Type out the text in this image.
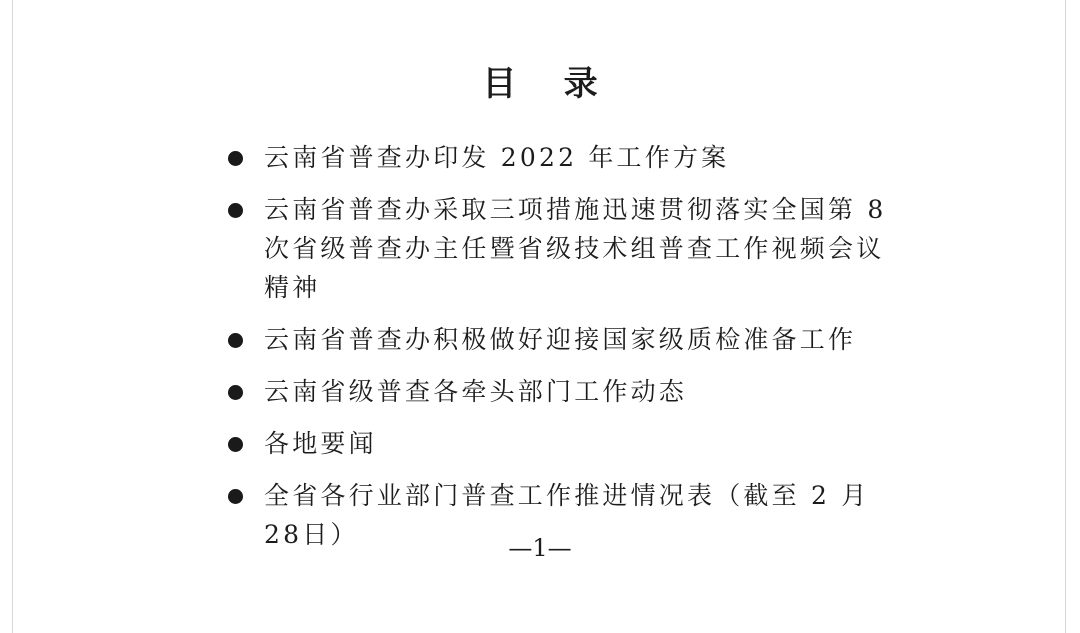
目    录
云南省普查办印发 2022 年工作方案
云南省普查办采取三项措施迅速贯彻落实全国第 8 次省级普查办主任暨省级技术组普查工作视频会议精神
云南省普查办积极做好迎接国家级质检准备工作
云南省级普查各牵头部门工作动态
各地要闻
全省各行业部门普查工作推进情况表（截至 2 月 28日）	—1—
